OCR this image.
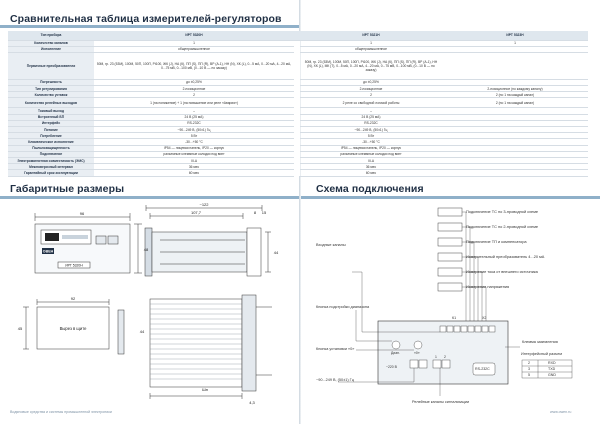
Сравнительная таблица измерителей-регуляторов
Габаритные размеры
Водяновые средства и системы промышленной электроники
Схема подключения
www.owen.ru
Тип прибора	ИРТ 5320Н		ИРТ 5321Н	ИРТ 5323Н
Количество каналов	1		1	1
Исполнение	общепромышленное		общепромышленное	
Первичные преобразователи	50М, гр. 23 (53М), 100М, 50П, 100П, Pt100, ЖК (J), НА (К), ПП (S), ПП (R), ВР (А-1), НН (N), ХК (L), 0...5 мА, 0...20 мА, 4...20 мА, 0...75 мВ, 0...100 мВ, (0...10 В — по заказу)		50М, гр. 23 (53М), 100М, 50П, 100П, Pt100, ЖК (J), НА (К), ПП (S), ПП (R), ВР (А-1), НН (N), ХК (L), МК (Т), 0...5 мА, 0...20 мА, 4...20 мА, 0...75 мВ, 0...100 мВ, (0...10 В — по заказу)	
Погрешность	до ±0,25%		до ±0,25%	
Тип регулирования	2-позиционное		2-позиционное	2-позиционное (по каждому каналу)
Количество уставок	2		2	2 (по 1 на каждый канал)
Количество релейных выходов	1 (на понижение) + 1 (на повышение или реле «Авария»)		2 реле со свободной логикой работы	2 (по 1 на каждый канал)
Токовый выход	–		–	
Встроенный БП	24 В (25 мА)		24 В (25 мА)	
Интерфейс	RS-232C		RS-232C	
Питание	~90...249 В, (50±1) Гц		~90...249 В, (50±1) Гц	
Потребление	5 Вт		5 Вт	
Климатическое исполнение	-30...+50 °С		-30...+50 °С	
Пыльнозащищенность	IP54 — лицевая панель, IP20 — корпус		IP54 — лицевая панель, IP20 — корпус	
Подключение	разъемные клеммные колодки под винт		разъемные клеммные колодки под винт	
Электромагнитная совместимость (ЭМС)	III-А		III-А	
Межповерочный интервал	36 мес		36 мес	
Гарантийный срок эксплуатации	60 мес		60 мес	
ОВЕН
96
48
ИРТ 5320Н
~122
107,7	8 15
44
4,3
Вырез в щите
92
45
44
Шн
Подключение ТС по 3-проводной схеме
Подключение ТС по 2-проводной схеме
Подключение ТП и компенсатора
Измерительный преобразователь 4...20 мА
Измерение тока от внешнего источника
Измерение напряжения
Входные каналы
Кнопка подстройки диапазона
Кнопка установки «0»
Клемма заземления
Интерфейсный разъем
~90...249 В, (50±1) Гц
Релейные каналы сигнализации
RS-232C
К1	Х2
Диап.	«0»
~220 В
1 2
2	RXD
3	TXD
5	GND
